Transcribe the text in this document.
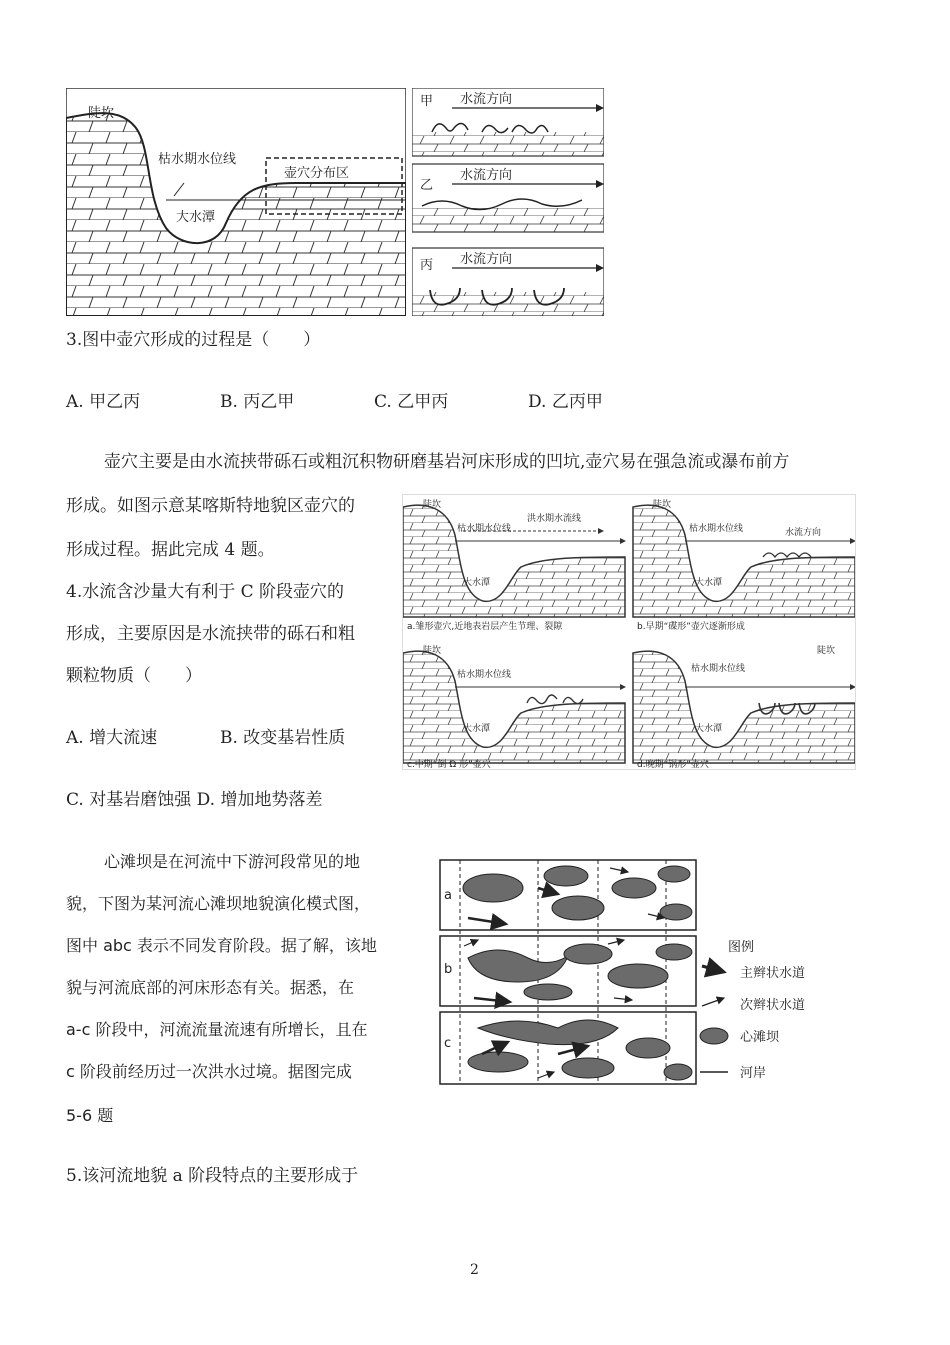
陡坎
枯水期水位线
壶穴分布区
大水潭
甲 水流方向
乙
水流方向
丙 水流方向
3.图中壶穴形成的过程是（　　）
A. 甲乙丙	B. 丙乙甲	C. 乙甲丙	D. 乙丙甲
壶穴主要是由水流挟带砾石或粗沉积物研磨基岩河床形成的凹坑,壶穴易在强急流或瀑布前方
形成。如图示意某喀斯特地貌区壶穴的
形成过程。据此完成 4 题。
4.水流含沙量大有利于 C 阶段壶穴的
形成，主要原因是水流挟带的砾石和粗
颗粒物质（　　）
A. 增大流速	B. 改变基岩性质
C. 对基岩磨蚀强 D. 增加地势落差
陡坎
枯水期水位线
洪水期水流线
大水潭
a.雏形壶穴,近地表岩层产生节理、裂隙
陡坎
枯水期水位线	水流方向
大水潭
b.早期“碟形”壶穴逐渐形成
陡坎
枯水期水位线
大水潭
c.中期“倒 Ω 形”壶穴
陡坎
枯水期水位线
大水潭
d.晚期“锅形”壶穴
心滩坝是在河流中下游河段常见的地
貌，下图为某河流心滩坝地貌演化模式图，
图中 abc 表示不同发育阶段。据了解，该地
貌与河流底部的河床形态有关。据悉，在
a-c 阶段中，河流流量流速有所增长，且在
c 阶段前经历过一次洪水过境。据图完成
5-6 题
a
b
c
图例
主辫状水道
次辫状水道
心滩坝
河岸
5.该河流地貌 a 阶段特点的主要形成于
2
